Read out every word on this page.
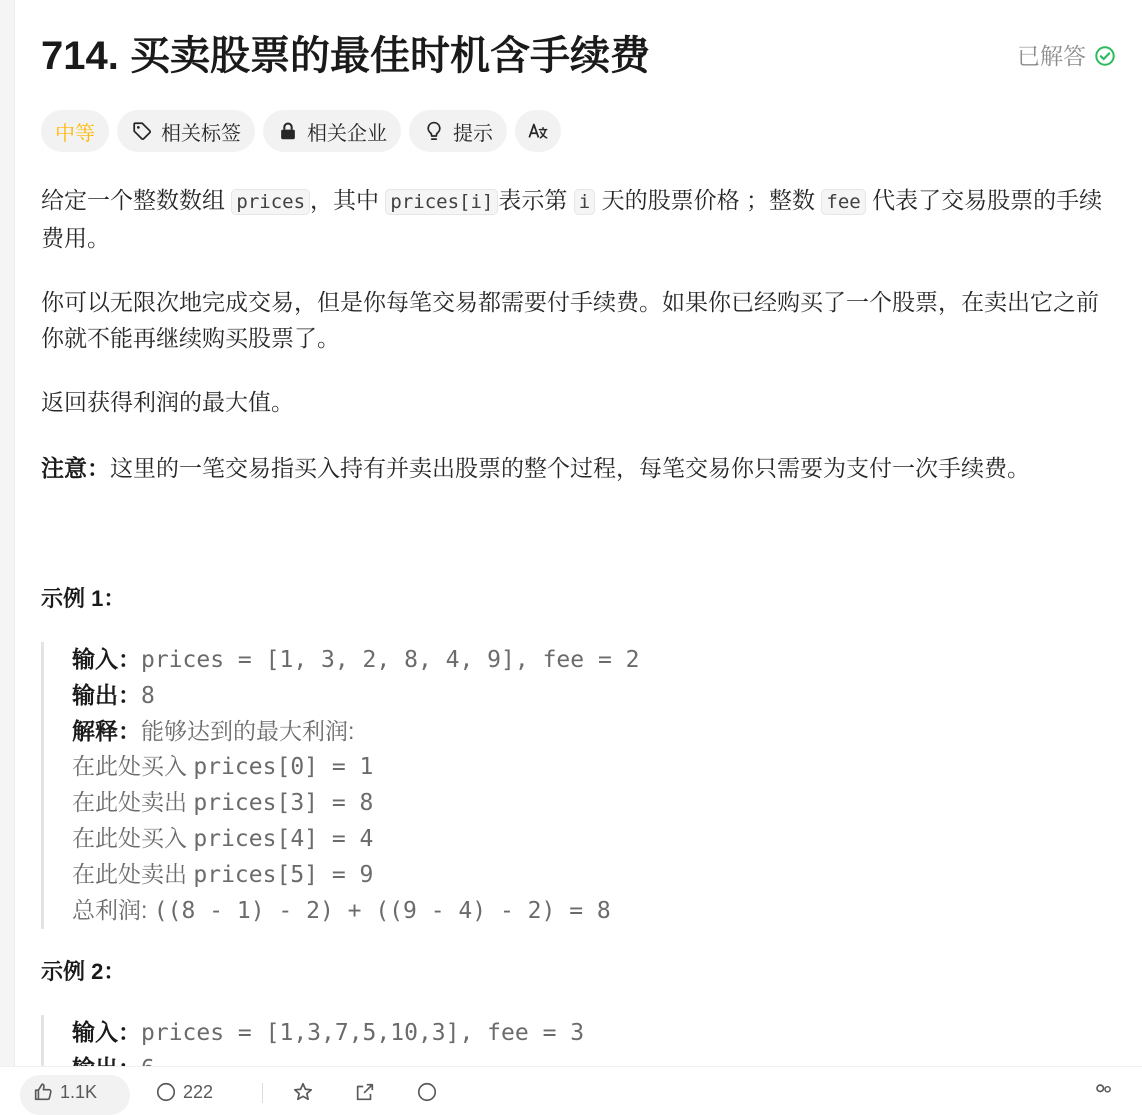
714. 买卖股票的最佳时机含手续费	已解答
中等	相关标签	相关企业	提示
给定一个整数数组 prices ，其中 prices[i] 表示第 i 天的股票价格 ；整数 fee 代表了交易股票的手续费用。
你可以无限次地完成交易，但是你每笔交易都需要付手续费。如果你已经购买了一个股票，在卖出它之前你就不能再继续购买股票了。
返回获得利润的最大值。
注意：这里的一笔交易指买入持有并卖出股票的整个过程，每笔交易你只需要为支付一次手续费。
示例 1：
输入：prices = [1, 3, 2, 8, 4, 9], fee = 2
输出：8
解释：能够达到的最大利润:
在此处买入 prices[0] = 1
在此处卖出 prices[3] = 8
在此处买入 prices[4] = 4
在此处卖出 prices[5] = 9
总利润: ((8 - 1) - 2) + ((9 - 4) - 2) = 8
示例 2：
输入：prices = [1,3,7,5,10,3], fee = 3
1.1K	222
